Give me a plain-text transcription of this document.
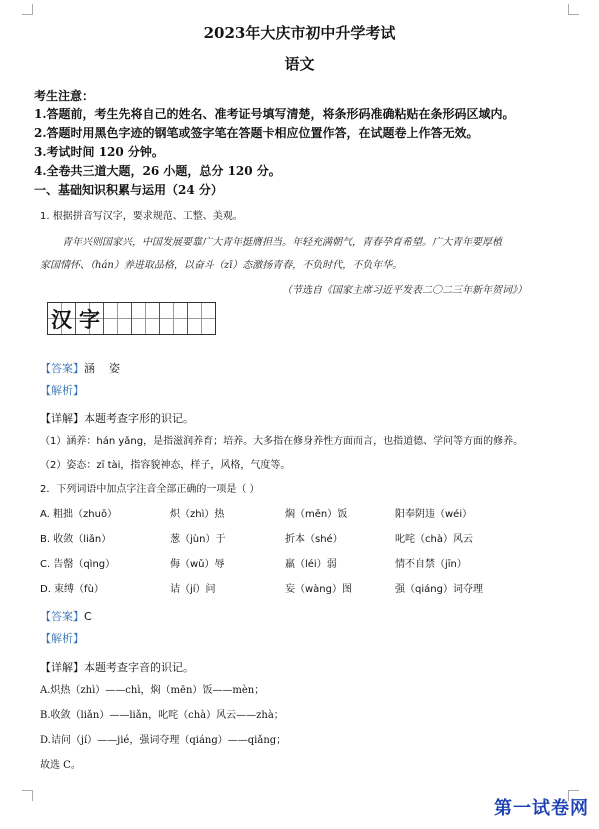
2023年大庆市初中升学考试
语文
考生注意：
1.答题前，考生先将自己的姓名、准考证号填写清楚，将条形码准确粘贴在条形码区域内。
2.答题时用黑色字迹的钢笔或签字笔在答题卡相应位置作答，在试题卷上作答无效。
3.考试时间 120 分钟。
4.全卷共三道大题，26 小题，总分 120 分。
一、基础知识积累与运用（24 分）
1. 根据拼音写汉字，要求规范、工整、美观。
青年兴则国家兴，中国发展要靠广大青年挺膺担当。年轻充满朝气，青春孕育希望。广大青年要厚植
家国情怀、（hán）养进取品格，以奋斗（zī）态激扬青春，不负时代，不负年华。
（节选自《国家主席习近平发表二〇二三年新年贺词》）
汉 字
【答案】涵    姿
【解析】
【详解】本题考查字形的识记。
（1）涵养：hán yǎng，是指滋润养育；培养。大多指在修身养性方面而言，也指道德、学问等方面的修养。
（2）姿态：zī tài，指容貌神态，样子，风格，气度等。
2．下列词语中加点字注音全部正确的一项是（ ）
A. 粗拙（zhuō）	炽（zhì）热	焖（mēn）饭	阳奉阴违（wéi）
B. 收敛（liǎn）	葱（jùn）于	折本（shé）	叱咤（chà）风云
C. 告罄（qìng）	侮（wǔ）辱	羸（léi）弱	情不自禁（jīn）
D. 束缚（fù）	诘（jí）问	妄（wàng）图	强（qiáng）词夺理
【答案】C
【解析】
【详解】本题考查字音的识记。
A.炽热（zhì）——chì，焖（mēn）饭——mèn；
B.收敛（liǎn）——liǎn，叱咤（chà）风云——zhà；
D.诘问（jí）——jié，强词夺理（qiáng）——qiǎng；
故选 C。
第一试卷网
